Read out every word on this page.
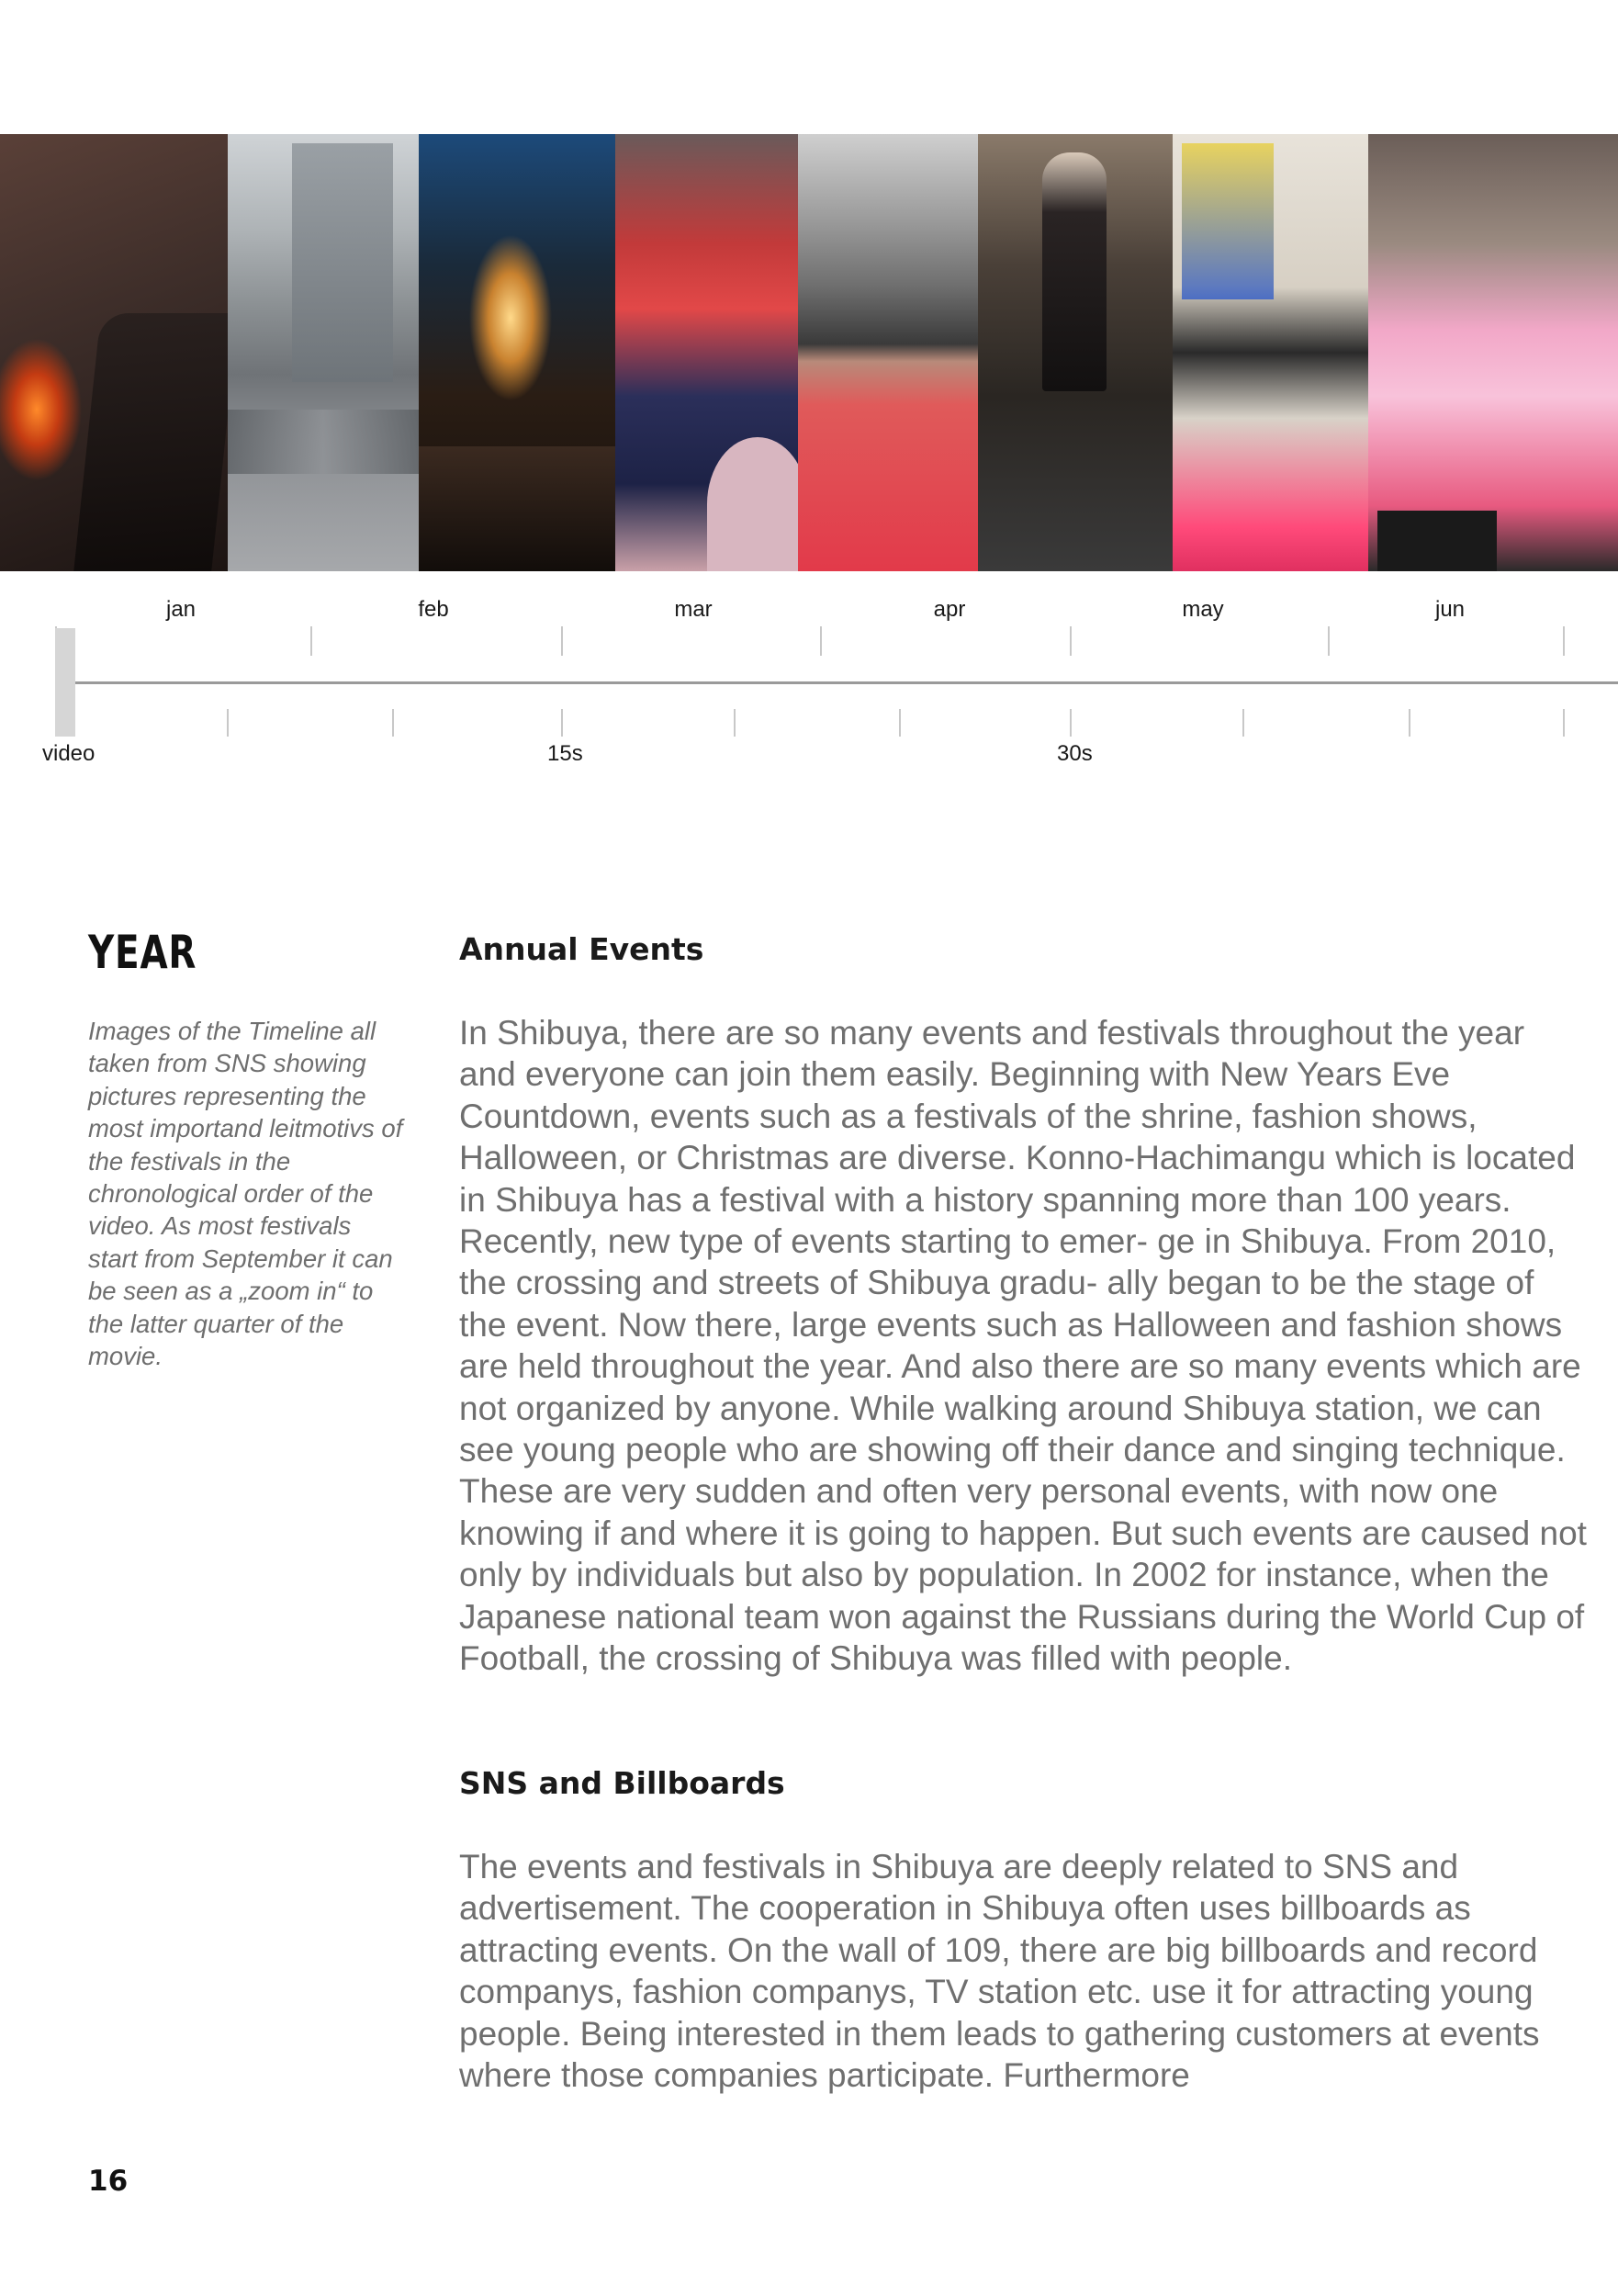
jan	feb	mar	apr	may	jun
video	15s	30s
YEAR

Images of the Timeline all taken from SNS showing pictures representing the most importand leitmotivs of the festivals in the chronological order of the video. As most festivals start from September it can be seen as a „zoom in“ to the latter quarter of the movie.

Annual Events

In Shibuya, there are so many events and festivals throughout the year and everyone can join them easily. Beginning with New Years Eve Countdown, events such as a festivals of the shrine, fashion shows, Halloween, or Christmas are diverse. Konno-Hachimangu which is located in Shibuya has a festival with a history spanning more than 100 years. Recently, new type of events starting to emer- ge in Shibuya. From 2010, the crossing and streets of Shibuya gradu- ally began to be the stage of the event. Now there, large events such as Halloween and fashion shows are held throughout the year. And also there are so many events which are not organized by anyone. While walking around Shibuya station, we can see young people who are showing off their dance and singing technique. These are very sudden and often very personal events, with now one knowing if and where it is going to happen. But such events are caused not only by individuals but also by population. In 2002 for instance, when the Japanese national team won against the Russians during the World Cup of Football, the crossing of Shibuya was filled with people.

SNS and Billboards

The events and festivals in Shibuya are deeply related to SNS and advertisement. The cooperation in Shibuya often uses billboards as attracting events. On the wall of 109, there are big billboards and record companys, fashion companys, TV station etc. use it for attracting young people. Being interested in them leads to gathering customers at events where those companies participate. Furthermore

16
